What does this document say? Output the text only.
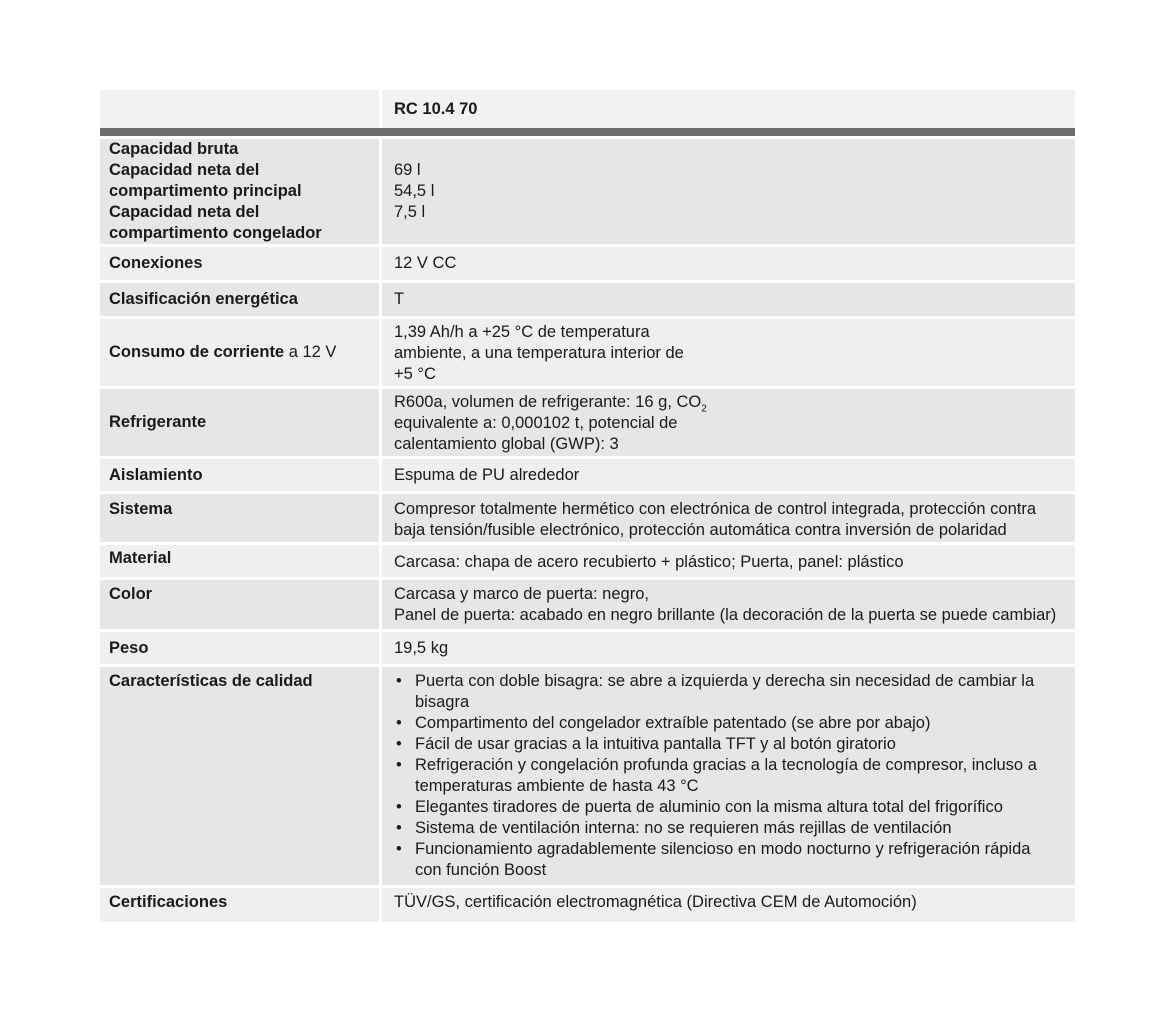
RC 10.4 70
Capacidad bruta
Capacidad neta del
compartimento principal
Capacidad neta del
compartimento congelador
69 l
54,5 l
7,5 l
Conexiones	12 V CC
Clasificación energética	T
Consumo de corriente a 12 V
1,39 Ah/h a +25 °C de temperatura
ambiente, a una temperatura interior de
+5 °C
Refrigerante
R600a, volumen de refrigerante: 16 g, $CO_2$
equivalente a: 0,000102 t, potencial de
calentamiento global (GWP): 3
Aislamiento	Espuma de PU alrededor
Sistema	Compresor totalmente hermético con electrónica de control integrada, protección contra
baja tensión/fusible electrónico, protección automática contra inversión de polaridad
Material	Carcasa: chapa de acero recubierto + plástico; Puerta, panel: plástico
Color	Carcasa y marco de puerta: negro,
Panel de puerta: acabado en negro brillante (la decoración de la puerta se puede cambiar)
Peso	19,5 kg
Características de calidad
•	Puerta con doble bisagra: se abre a izquierda y derecha sin necesidad de cambiar la bisagra
• Compartimento del congelador extraíble patentado (se abre por abajo)
• Fácil de usar gracias a la intuitiva pantalla TFT y al botón giratorio
• Refrigeración y congelación profunda gracias a la tecnología de compresor, incluso a temperaturas ambiente de hasta 43 °C
• Elegantes tiradores de puerta de aluminio con la misma altura total del frigorífico
• Sistema de ventilación interna: no se requieren más rejillas de ventilación
• Funcionamiento agradablemente silencioso en modo nocturno y refrigeración rápida con función Boost
Certificaciones	TÜV/GS, certificación electromagnética (Directiva CEM de Automoción)
